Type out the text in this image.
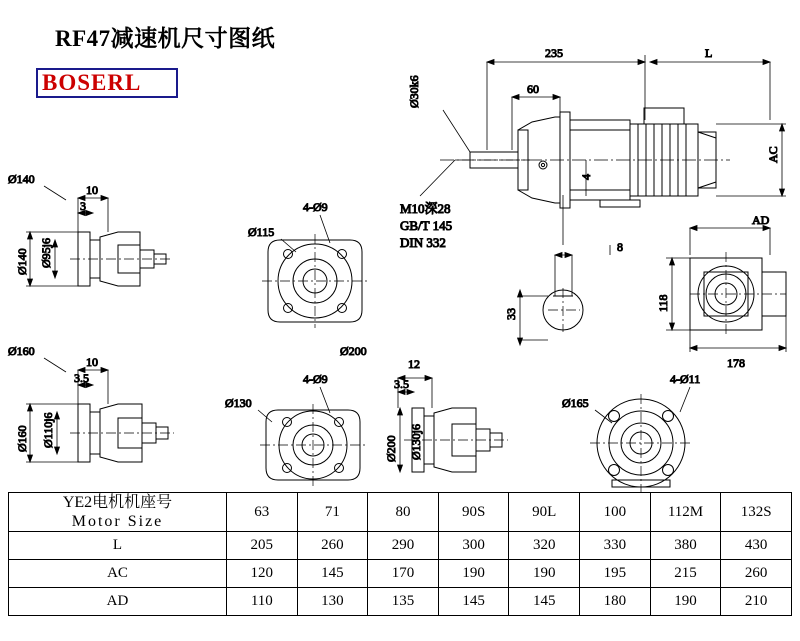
RF47减速机尺寸图纸
BOSERL
235	L
60
Ø30k6
4
AC
M10深28
GB/T 145
DIN 332	8
33
AD
118
178
Ø140
10
3
Ø140 Ø95j6
4-Ø9
Ø115
Ø160
10
3.5
Ø160 Ø110j6
Ø200
4-Ø9
Ø130
12
3.5
Ø200 Ø130j6
4-Ø11
Ø165
YE2电机机座号
Motor Size	63	71	80	90S	90L	100	112M	132S
L	205	260	290	300	320	330	380	430
AC	120	145	170	190	190	195	215	260
AD	110	130	135	145	145	180	190	210
